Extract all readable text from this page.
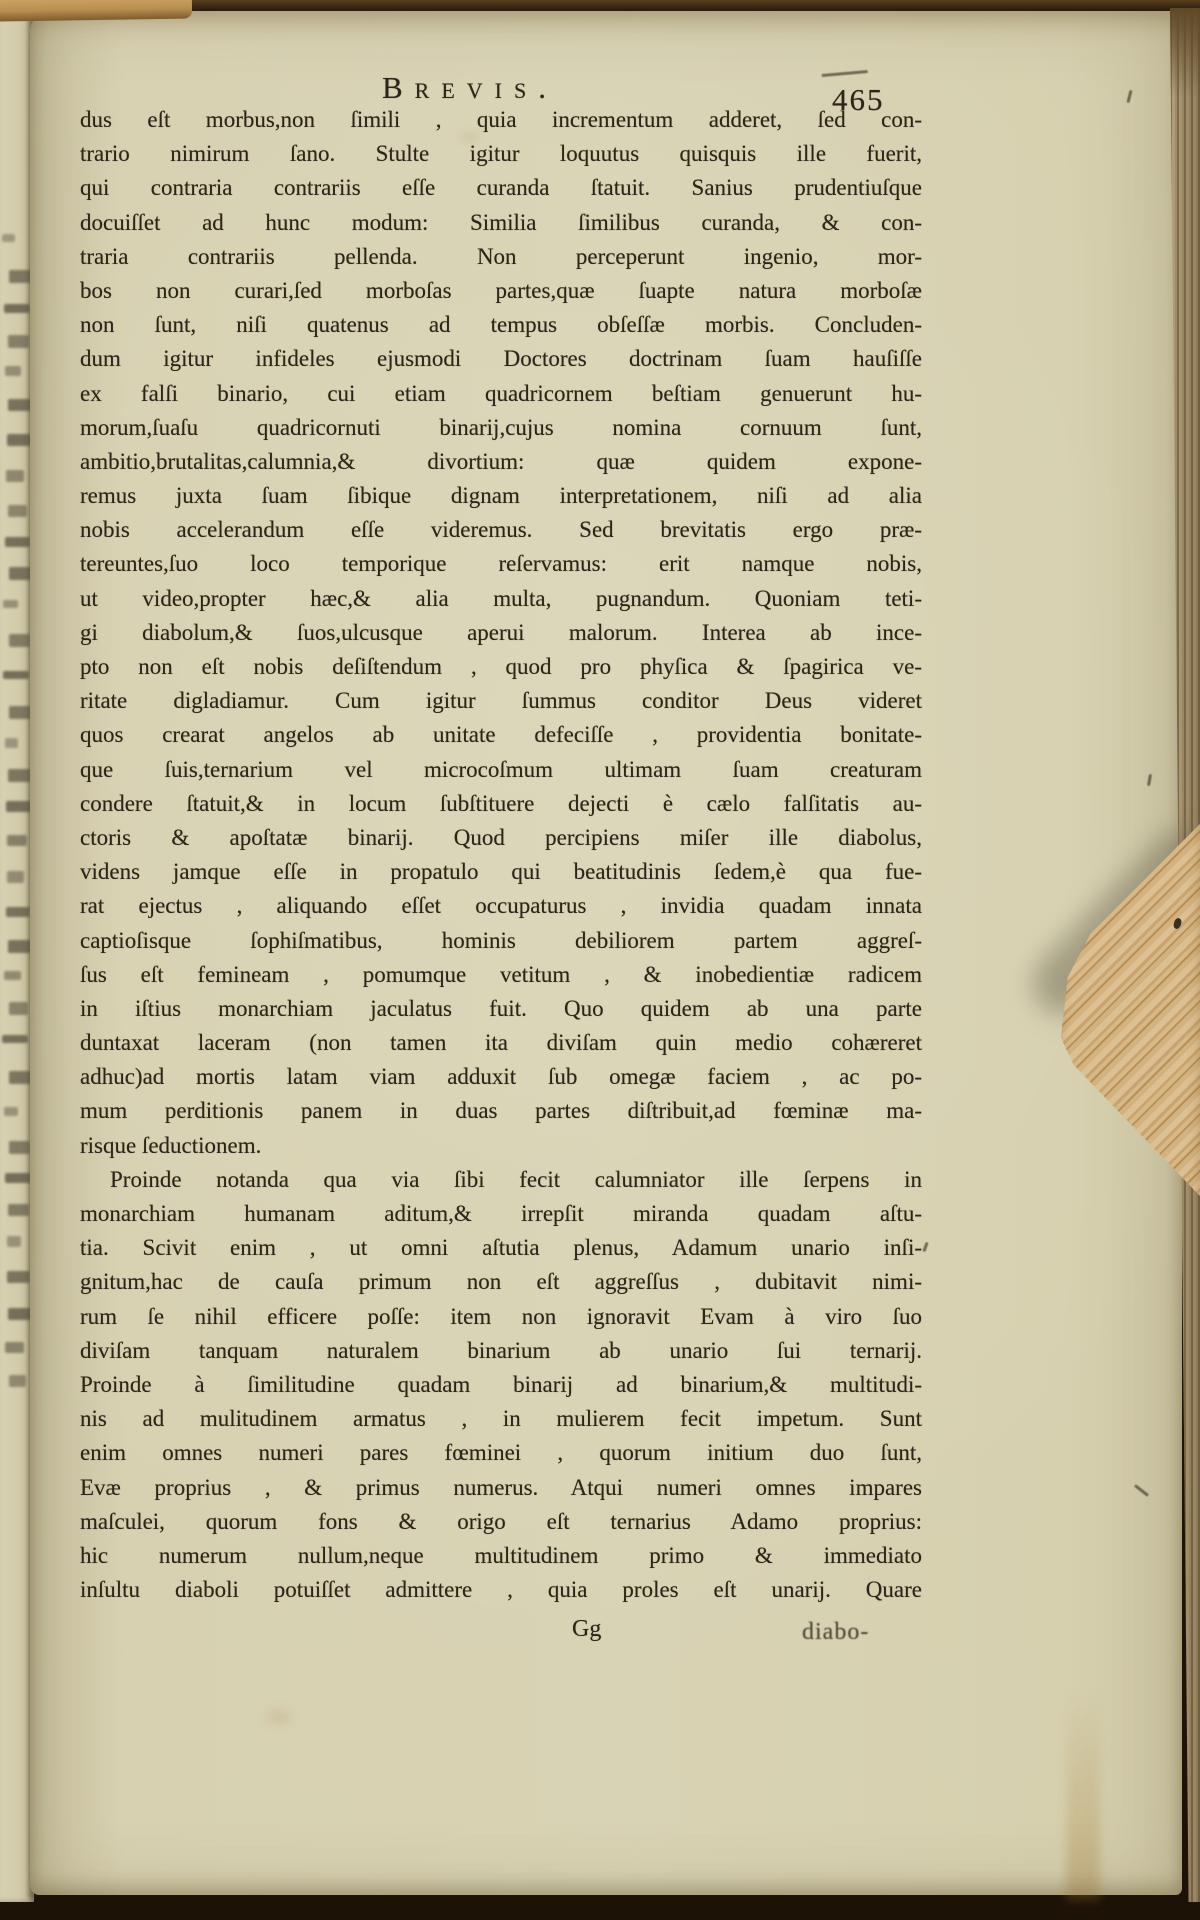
Brevis.	465
dus eſt morbus,non ſimili , quia incrementum adderet, ſed con-
trario nimirum ſano. Stulte igitur loquutus quisquis ille fuerit,
qui contraria contrariis eſſe curanda ſtatuit. Sanius prudentiuſque
docuiſſet ad hunc modum: Similia ſimilibus curanda, & con-
traria contrariis pellenda. Non perceperunt ingenio, mor-
bos non curari,ſed morboſas partes,quæ ſuapte natura morboſæ
non ſunt, niſi quatenus ad tempus obſeſſæ morbis. Concluden-
dum igitur infideles ejusmodi Doctores doctrinam ſuam hauſiſſe
ex falſi binario, cui etiam quadricornem beſtiam genuerunt hu-
morum,ſuaſu quadricornuti binarij,cujus nomina cornuum ſunt,
ambitio,brutalitas,calumnia,& divortium: quæ quidem expone-
remus juxta ſuam ſibique dignam interpretationem, niſi ad alia
nobis accelerandum eſſe videremus. Sed brevitatis ergo præ-
tereuntes,ſuo loco temporique reſervamus: erit namque nobis,
ut video,propter hæc,& alia multa, pugnandum. Quoniam teti-
gi diabolum,& ſuos,ulcusque aperui malorum. Interea ab ince-
pto non eſt nobis deſiſtendum , quod pro phyſica & ſpagirica ve-
ritate digladiamur. Cum igitur ſummus conditor Deus videret
quos crearat angelos ab unitate defeciſſe , providentia bonitate-
que ſuis,ternarium vel microcoſmum ultimam ſuam creaturam
condere ſtatuit,& in locum ſubſtituere dejecti è cælo falſitatis au-
ctoris & apoſtatæ binarij. Quod percipiens miſer ille diabolus,
videns jamque eſſe in propatulo qui beatitudinis ſedem,è qua fue-
rat ejectus , aliquando eſſet occupaturus , invidia quadam innata
captioſisque ſophiſmatibus, hominis debiliorem partem aggreſ-
ſus eſt femineam , pomumque vetitum , & inobedientiæ radicem
in iſtius monarchiam jaculatus fuit. Quo quidem ab una parte
duntaxat laceram (non tamen ita diviſam quin medio cohæreret
adhuc)ad mortis latam viam adduxit ſub omegæ faciem , ac po-
mum perditionis panem in duas partes diſtribuit,ad fœminæ ma-
risque ſeductionem.
Proinde notanda qua via ſibi fecit calumniator ille ſerpens in
monarchiam humanam aditum,& irrepſit miranda quadam aſtu-
tia. Scivit enim , ut omni aſtutia plenus, Adamum unario inſi-
gnitum,hac de cauſa primum non eſt aggreſſus , dubitavit nimi-
rum ſe nihil efficere poſſe: item non ignoravit Evam à viro ſuo
diviſam tanquam naturalem binarium ab unario ſui ternarij.
Proinde à ſimilitudine quadam binarij ad binarium,& multitudi-
nis ad mulitudinem armatus , in mulierem fecit impetum. Sunt
enim omnes numeri pares fœminei , quorum initium duo ſunt,
Evæ proprius , & primus numerus. Atqui numeri omnes impares
maſculei, quorum fons & origo eſt ternarius Adamo proprius:
hic numerum nullum,neque multitudinem primo & immediato
inſultu diaboli potuiſſet admittere , quia proles eſt unarij. Quare
Gg	diabo-
